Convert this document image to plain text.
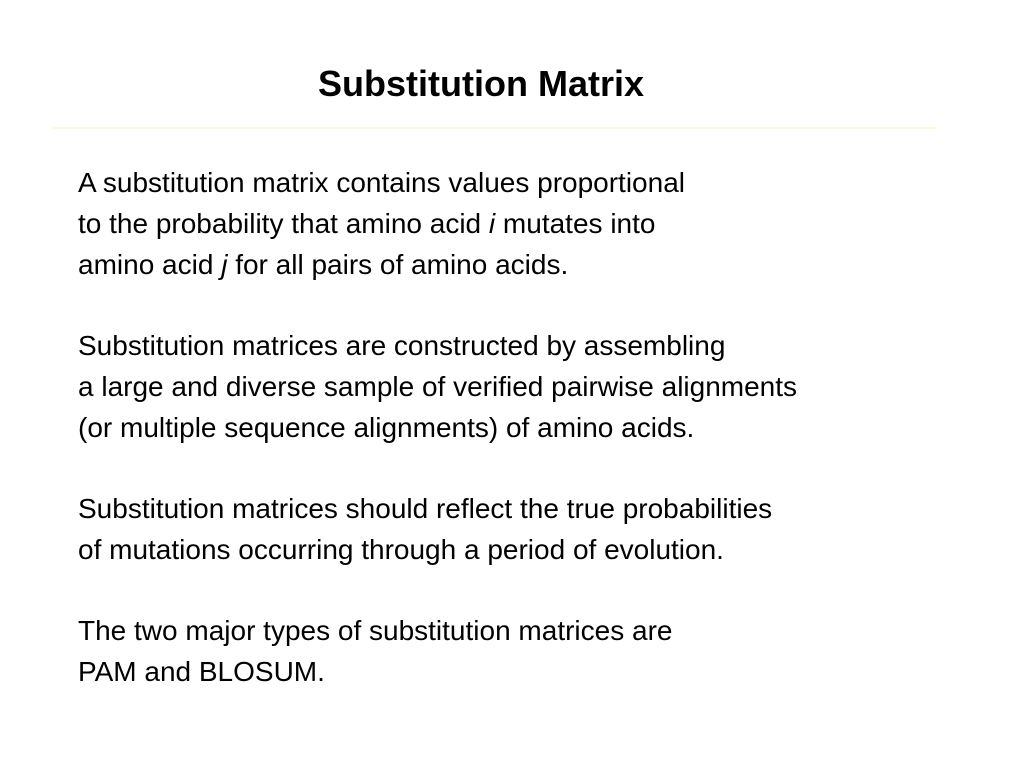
Substitution Matrix

A substitution matrix contains values proportional
to the probability that amino acid i mutates into
amino acid j for all pairs of amino acids.

Substitution matrices are constructed by assembling
a large and diverse sample of verified pairwise alignments
(or multiple sequence alignments) of amino acids.

Substitution matrices should reflect the true probabilities
of mutations occurring through a period of evolution.

The two major types of substitution matrices are
PAM and BLOSUM.
